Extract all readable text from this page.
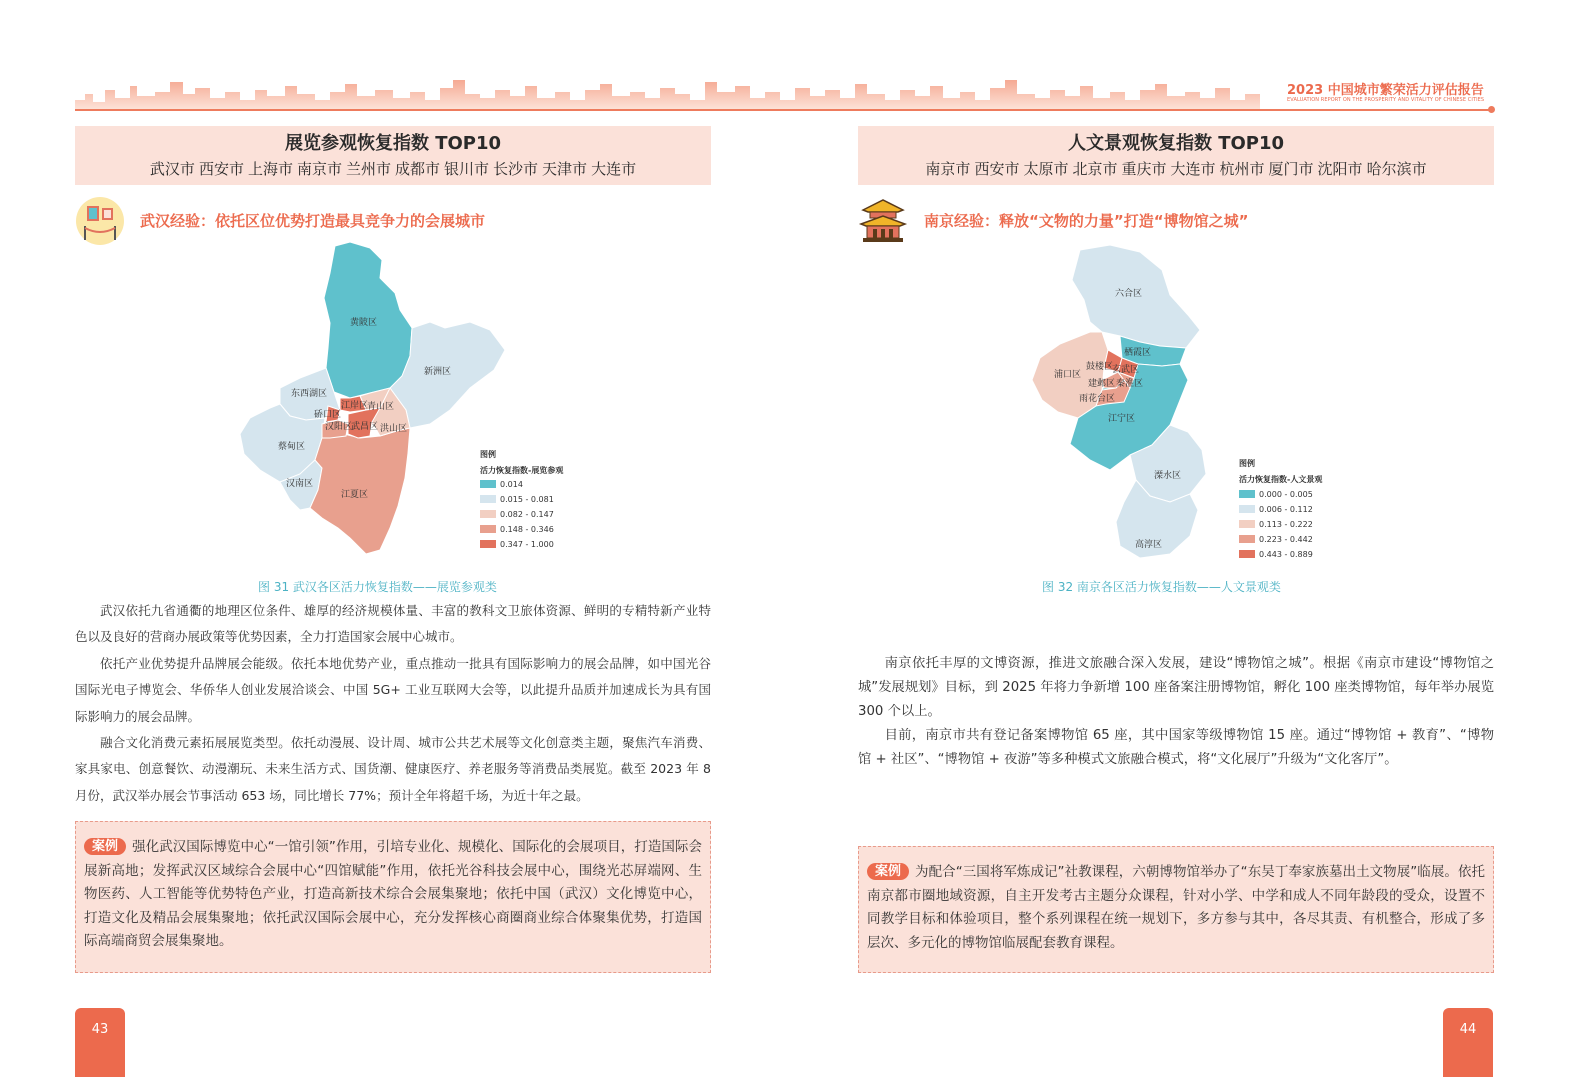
2023 中国城市繁荣活力评估报告
EVALUATION REPORT ON THE PROSPERITY AND VITALITY OF CHINESE CITIES
展览参观恢复指数 TOP10
武汉市 西安市 上海市 南京市 兰州市 成都市 银川市 长沙市 天津市 大连市
武汉经验：依托区位优势打造最具竞争力的会展城市
黄陂区
新洲区
东西湖区
硚口区
江岸区
青山区
汉阳区
武昌区 洪山区
蔡甸区
汉南区
江夏区
图例
活力恢复指数-展览参观
0.014
0.015 - 0.081
0.082 - 0.147
0.148 - 0.346
0.347 - 1.000
图 31 武汉各区活力恢复指数——展览参观类

武汉依托九省通衢的地理区位条件、雄厚的经济规模体量、丰富的教科文卫旅体资源、鲜明的专精特新产业特色以及良好的营商办展政策等优势因素，全力打造国家会展中心城市。

依托产业优势提升品牌展会能级。依托本地优势产业，重点推动一批具有国际影响力的展会品牌，如中国光谷国际光电子博览会、华侨华人创业发展洽谈会、中国 5G+ 工业互联网大会等，以此提升品质并加速成长为具有国际影响力的展会品牌。

融合文化消费元素拓展展览类型。依托动漫展、设计周、城市公共艺术展等文化创意类主题，聚焦汽车消费、家具家电、创意餐饮、动漫潮玩、未来生活方式、国货潮、健康医疗、养老服务等消费品类展览。截至 2023 年 8 月份，武汉举办展会节事活动 653 场，同比增长 77%；预计全年将超千场，为近十年之最。

案例 强化武汉国际博览中心“一馆引领”作用，引培专业化、规模化、国际化的会展项目，打造国际会展新高地；发挥武汉区域综合会展中心“四馆赋能”作用，依托光谷科技会展中心，围绕光芯屏端网、生物医药、人工智能等优势特色产业，打造高新技术综合会展集聚地；依托中国（武汉）文化博览中心，打造文化及精品会展集聚地；依托武汉国际会展中心，充分发挥核心商圈商业综合体聚集优势，打造国际高端商贸会展集聚地。
43
人文景观恢复指数 TOP10
南京市 西安市 太原市 北京市 重庆市 大连市 杭州市 厦门市 沈阳市 哈尔滨市
南京经验：释放“文物的力量”打造“博物馆之城”
六合区
栖霞区
浦口区
鼓楼区
玄武区
建邺区 秦淮区
雨花台区
江宁区
溧水区
高淳区
图例
活力恢复指数-人文景观
0.000 - 0.005
0.006 - 0.112
0.113 - 0.222
0.223 - 0.442
0.443 - 0.889
图 32 南京各区活力恢复指数——人文景观类

南京依托丰厚的文博资源，推进文旅融合深入发展，建设“博物馆之城”。根据《南京市建设“博物馆之城”发展规划》目标，到 2025 年将力争新增 100 座备案注册博物馆，孵化 100 座类博物馆，每年举办展览 300 个以上。

目前，南京市共有登记备案博物馆 65 座，其中国家等级博物馆 15 座。通过“博物馆 + 教育”、“博物馆 + 社区”、“博物馆 + 夜游”等多种模式文旅融合模式，将“文化展厅”升级为“文化客厅”。

案例 为配合“三国将军炼成记”社教课程，六朝博物馆举办了“东吴丁奉家族墓出土文物展”临展。依托南京都市圈地域资源，自主开发考古主题分众课程，针对小学、中学和成人不同年龄段的受众，设置不同教学目标和体验项目，整个系列课程在统一规划下，多方参与其中，各尽其责、有机整合，形成了多层次、多元化的博物馆临展配套教育课程。
44
